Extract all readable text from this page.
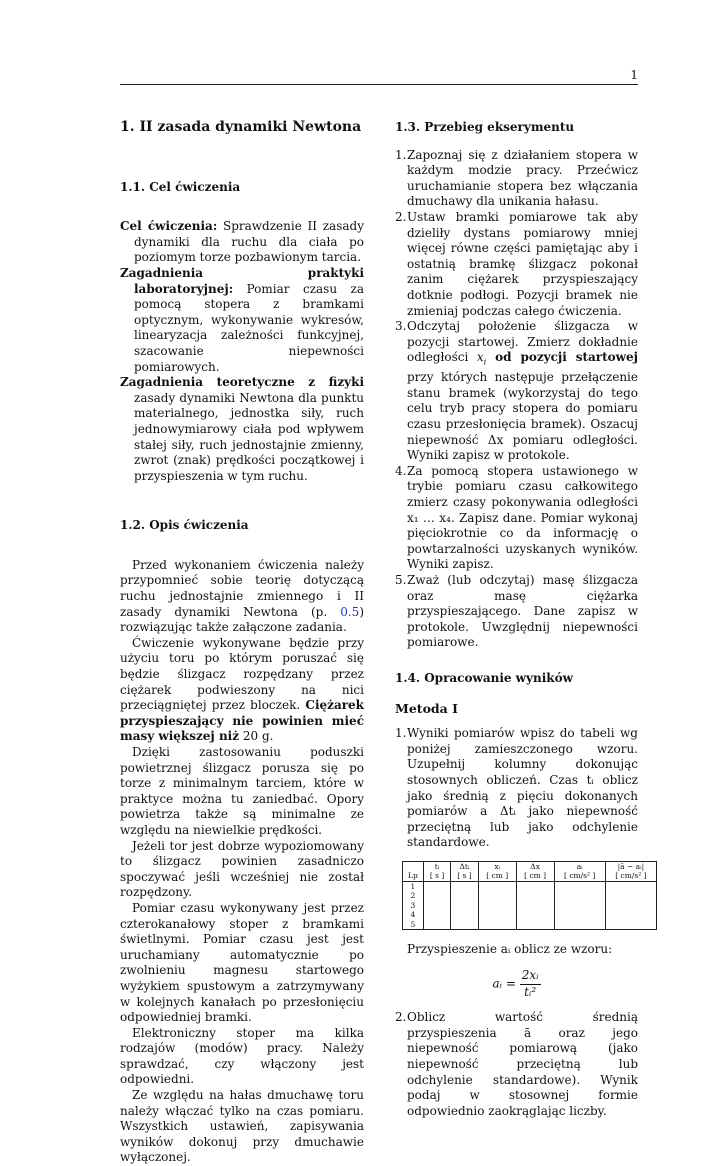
1
1. II zasada dynamiki Newtona
1.1. Cel ćwiczenia

Cel ćwiczenia: Sprawdzenie II zasady dynamiki dla ruchu dla ciała po poziomym torze pozbawionym tarcia.

Zagadnienia praktyki laboratoryjnej: Pomiar czasu za pomocą stopera z bramkami optycznym, wykonywanie wykresów, linearyzacja zależności funkcyjnej, szacowanie niepewności pomiarowych.

Zagadnienia teoretyczne z fizyki zasady dynamiki Newtona dla punktu materialnego, jednostka siły, ruch jednowymiarowy ciała pod wpływem stałej siły, ruch jednostajnie zmienny, zwrot (znak) prędkości początkowej i przyspieszenia w tym ruchu.

1.2. Opis ćwiczenia

Przed wykonaniem ćwiczenia należy przypomnieć sobie teorię dotyczącą ruchu jednostajnie zmiennego i II zasady dynamiki Newtona (p. 0.5) rozwiązując także załączone zadania.

Ćwiczenie wykonywane będzie przy użyciu toru po którym poruszać się będzie ślizgacz rozpędzany przez ciężarek podwieszony na nici przeciągniętej przez bloczek. Ciężarek przyspieszający nie powinien mieć masy większej niż 20 g.

Dzięki zastosowaniu poduszki powietrznej ślizgacz porusza się po torze z minimalnym tarciem, które w praktyce można tu zaniedbać. Opory powietrza także są minimalne ze względu na niewielkie prędkości.

Jeżeli tor jest dobrze wypoziomowany to ślizgacz powinien zasadniczo spoczywać jeśli wcześniej nie został rozpędzony.

Pomiar czasu wykonywany jest przez czterokanałowy stoper z bramkami świetlnymi. Pomiar czasu jest jest uruchamiany automatycznie po zwolnieniu magnesu startowego wyżykiem spustowym a zatrzymywany w kolejnych kanałach po przesłonięciu odpowiedniej bramki.

Elektroniczny stoper ma kilka rodzajów (modów) pracy. Należy sprawdzać, czy włączony jest odpowiedni.

Ze względu na hałas dmuchawę toru należy włączać tylko na czas pomiaru. Wszystkich ustawień, zapisywania wyników dokonuj przy dmuchawie wyłączonej.

1.3. Przebieg ekserymentu
1. Zapoznaj się z działaniem stopera w każdym modzie pracy. Przećwicz uruchamianie stopera bez włączania dmuchawy dla unikania hałasu.
2. Ustaw bramki pomiarowe tak aby dzieliły dystans pomiarowy mniej więcej równe części pamiętając aby i ostatnią bramkę ślizgacz pokonał zanim ciężarek przyspieszający dotknie podłogi. Pozycji bramek nie zmieniaj podczas całego ćwiczenia.
3. Odczytaj położenie ślizgacza w pozycji startowej. Zmierz dokładnie odległości $x_i$ od pozycji startowej przy których następuje przełączenie stanu bramek (wykorzystaj do tego celu tryb pracy stopera do pomiaru czasu przesłonięcia bramek). Oszacuj niepewność Δx pomiaru odległości. Wyniki zapisz w protokole.
4. Za pomocą stopera ustawionego w trybie pomiaru czasu całkowitego zmierz czasy pokonywania odległości x₁ … x₄. Zapisz dane. Pomiar wykonaj pięciokrotnie co da informację o powtarzalności uzyskanych wyników. Wyniki zapisz.
5. Zważ (lub odczytaj) masę ślizgacza oraz masę ciężarka przyspieszającego. Dane zapisz w protokole. Uwzględnij niepewności pomiarowe.
1.4. Opracowanie wyników
Metoda I
1. Wyniki pomiarów wpisz do tabeli wg poniżej zamieszczonego wzoru. Uzupełnij kolumny dokonując stosownych obliczeń. Czas tᵢ oblicz jako średnią z pięciu dokonanych pomiarów a Δtᵢ jako niepewność przeciętną lub jako odchylenie standardowe.
	tᵢ	Δtᵢ	xᵢ	Δx	aᵢ	|ā − aᵢ|
Lp	[ s ]	[ s ]	[ cm ]	[ cm ]	[ cm/s² ]	[ cm/s² ]
1						
2						
3						
4						
5						

Przyspieszenie aᵢ oblicz ze wzoru:

aᵢ = $\frac{\text{2xᵢ}}{\text{tᵢ²}}$
2. Oblicz wartość średnią przyspieszenia ā oraz jego niepewność pomiarową (jako niepewność przeciętną lub odchylenie standardowe). Wynik podaj w stosownej formie odpowiednio zaokrąglając liczby.
